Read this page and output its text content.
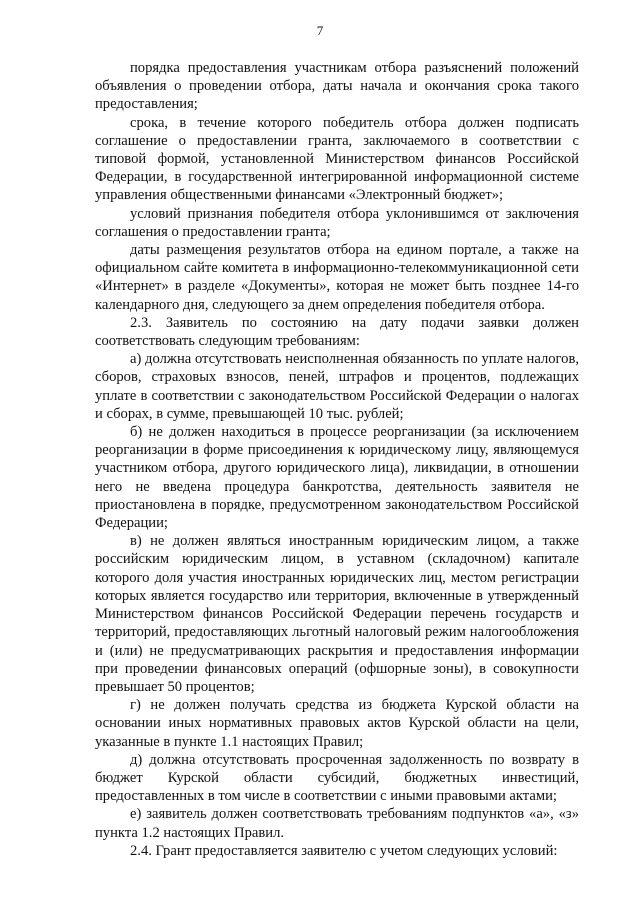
7

порядка предоставления участникам отбора разъяснений положений объявления о проведении отбора, даты начала и окончания срока такого предоставления;

срока, в течение которого победитель отбора должен подписать соглашение о предоставлении гранта, заключаемого в соответствии с типовой формой, установленной Министерством финансов Российской Федерации, в государственной интегрированной информационной системе управления общественными финансами «Электронный бюджет»;

условий признания победителя отбора уклонившимся от заключения соглашения о предоставлении гранта;

даты размещения результатов отбора на едином портале, а также на официальном сайте комитета в информационно-телекоммуникационной сети «Интернет» в разделе «Документы», которая не может быть позднее 14-го календарного дня, следующего за днем определения победителя отбора.

2.3. Заявитель по состоянию на дату подачи заявки должен соответствовать следующим требованиям:

а) должна отсутствовать неисполненная обязанность по уплате налогов, сборов, страховых взносов, пеней, штрафов и процентов, подлежащих уплате в соответствии с законодательством Российской Федерации о налогах и сборах, в сумме, превышающей 10 тыс. рублей;

б) не должен находиться в процессе реорганизации (за исключением реорганизации в форме присоединения к юридическому лицу, являющемуся участником отбора, другого юридического лица), ликвидации, в отношении него не введена процедура банкротства, деятельность заявителя не приостановлена в порядке, предусмотренном законодательством Российской Федерации;

в) не должен являться иностранным юридическим лицом, а также российским юридическим лицом, в уставном (складочном) капитале которого доля участия иностранных юридических лиц, местом регистрации которых является государство или территория, включенные в утвержденный Министерством финансов Российской Федерации перечень государств и территорий, предоставляющих льготный налоговый режим налогообложения и (или) не предусматривающих раскрытия и предоставления информации при проведении финансовых операций (офшорные зоны), в совокупности превышает 50 процентов;

г) не должен получать средства из бюджета Курской области на основании иных нормативных правовых актов Курской области на цели, указанные в пункте 1.1 настоящих Правил;

д) должна отсутствовать просроченная задолженность по возврату в бюджет Курской области субсидий, бюджетных инвестиций, предоставленных в том числе в соответствии с иными правовыми актами;

е) заявитель должен соответствовать требованиям подпунктов «а», «з» пункта 1.2 настоящих Правил.

2.4. Грант предоставляется заявителю с учетом следующих условий:
